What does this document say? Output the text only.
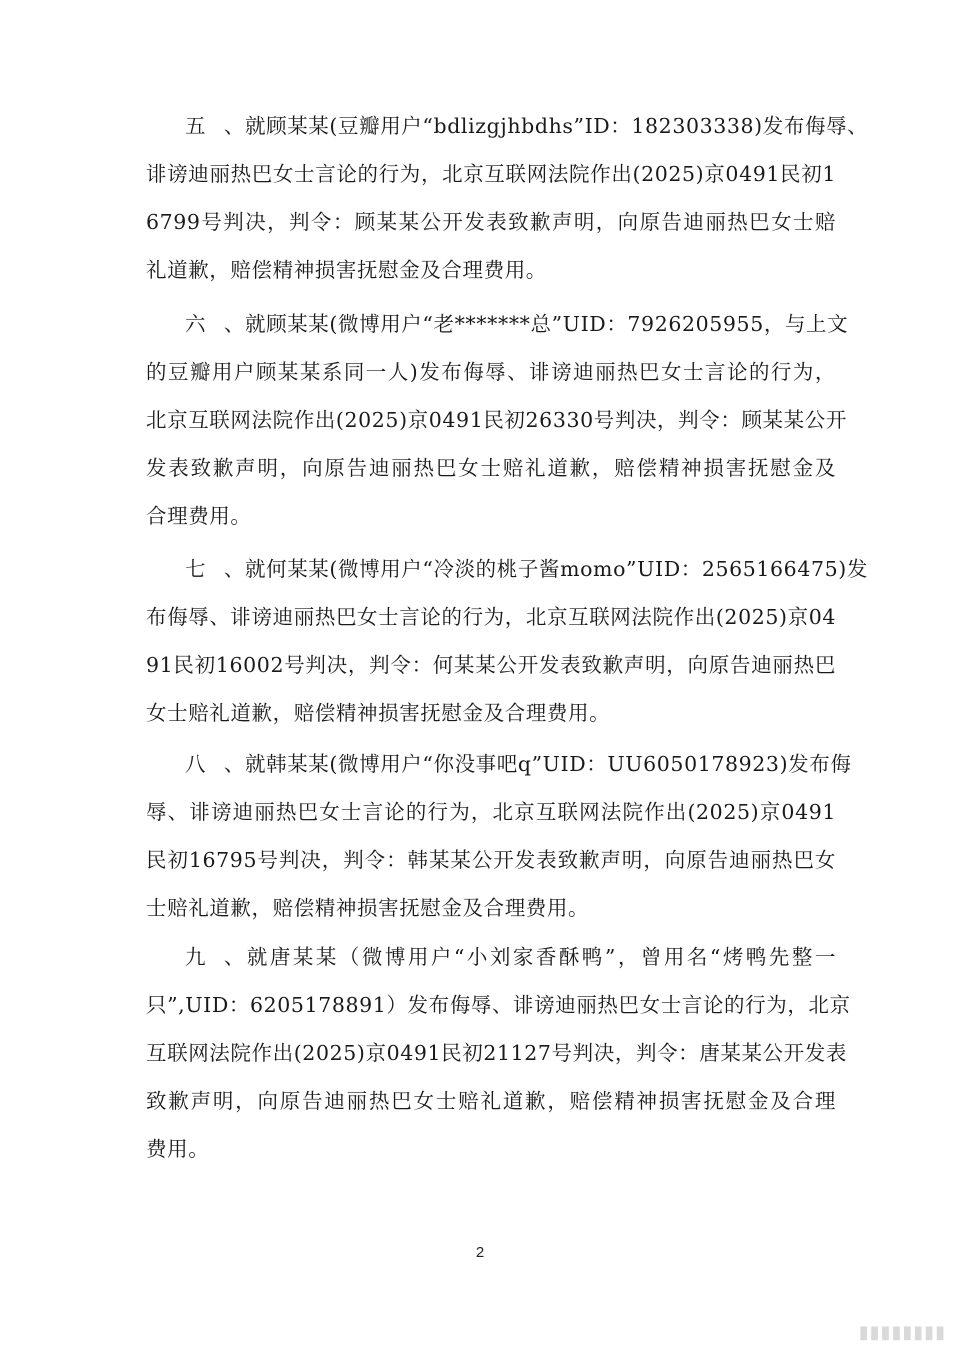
五、就顾某某(豆瓣用户“bdlizgjhbdhs”ID：182303338)发布侮辱、
诽谤迪丽热巴女士言论的行为，北京互联网法院作出(2025)京0491民初1
6799号判决，判令：顾某某公开发表致歉声明，向原告迪丽热巴女士赔
礼道歉，赔偿精神损害抚慰金及合理费用。
六、就顾某某(微博用户“老*******总”UID：7926205955，与上文
的豆瓣用户顾某某系同一人)发布侮辱、诽谤迪丽热巴女士言论的行为，
北京互联网法院作出(2025)京0491民初26330号判决，判令：顾某某公开
发表致歉声明，向原告迪丽热巴女士赔礼道歉，赔偿精神损害抚慰金及
合理费用。
七、就何某某(微博用户“冷淡的桃子酱momo”UID：2565166475)发
布侮辱、诽谤迪丽热巴女士言论的行为，北京互联网法院作出(2025)京04
91民初16002号判决，判令：何某某公开发表致歉声明，向原告迪丽热巴
女士赔礼道歉，赔偿精神损害抚慰金及合理费用。
八、就韩某某(微博用户“你没事吧q”UID：UU6050178923)发布侮
辱、诽谤迪丽热巴女士言论的行为，北京互联网法院作出(2025)京0491
民初16795号判决，判令：韩某某公开发表致歉声明，向原告迪丽热巴女
士赔礼道歉，赔偿精神损害抚慰金及合理费用。
九、就唐某某（微博用户“小刘家香酥鸭”，曾用名“烤鸭先整一
只”,UID：6205178891）发布侮辱、诽谤迪丽热巴女士言论的行为，北京
互联网法院作出(2025)京0491民初21127号判决，判令：唐某某公开发表
致歉声明，向原告迪丽热巴女士赔礼道歉，赔偿精神损害抚慰金及合理
费用。
2
▮▮▮▮▮▮▮▮
